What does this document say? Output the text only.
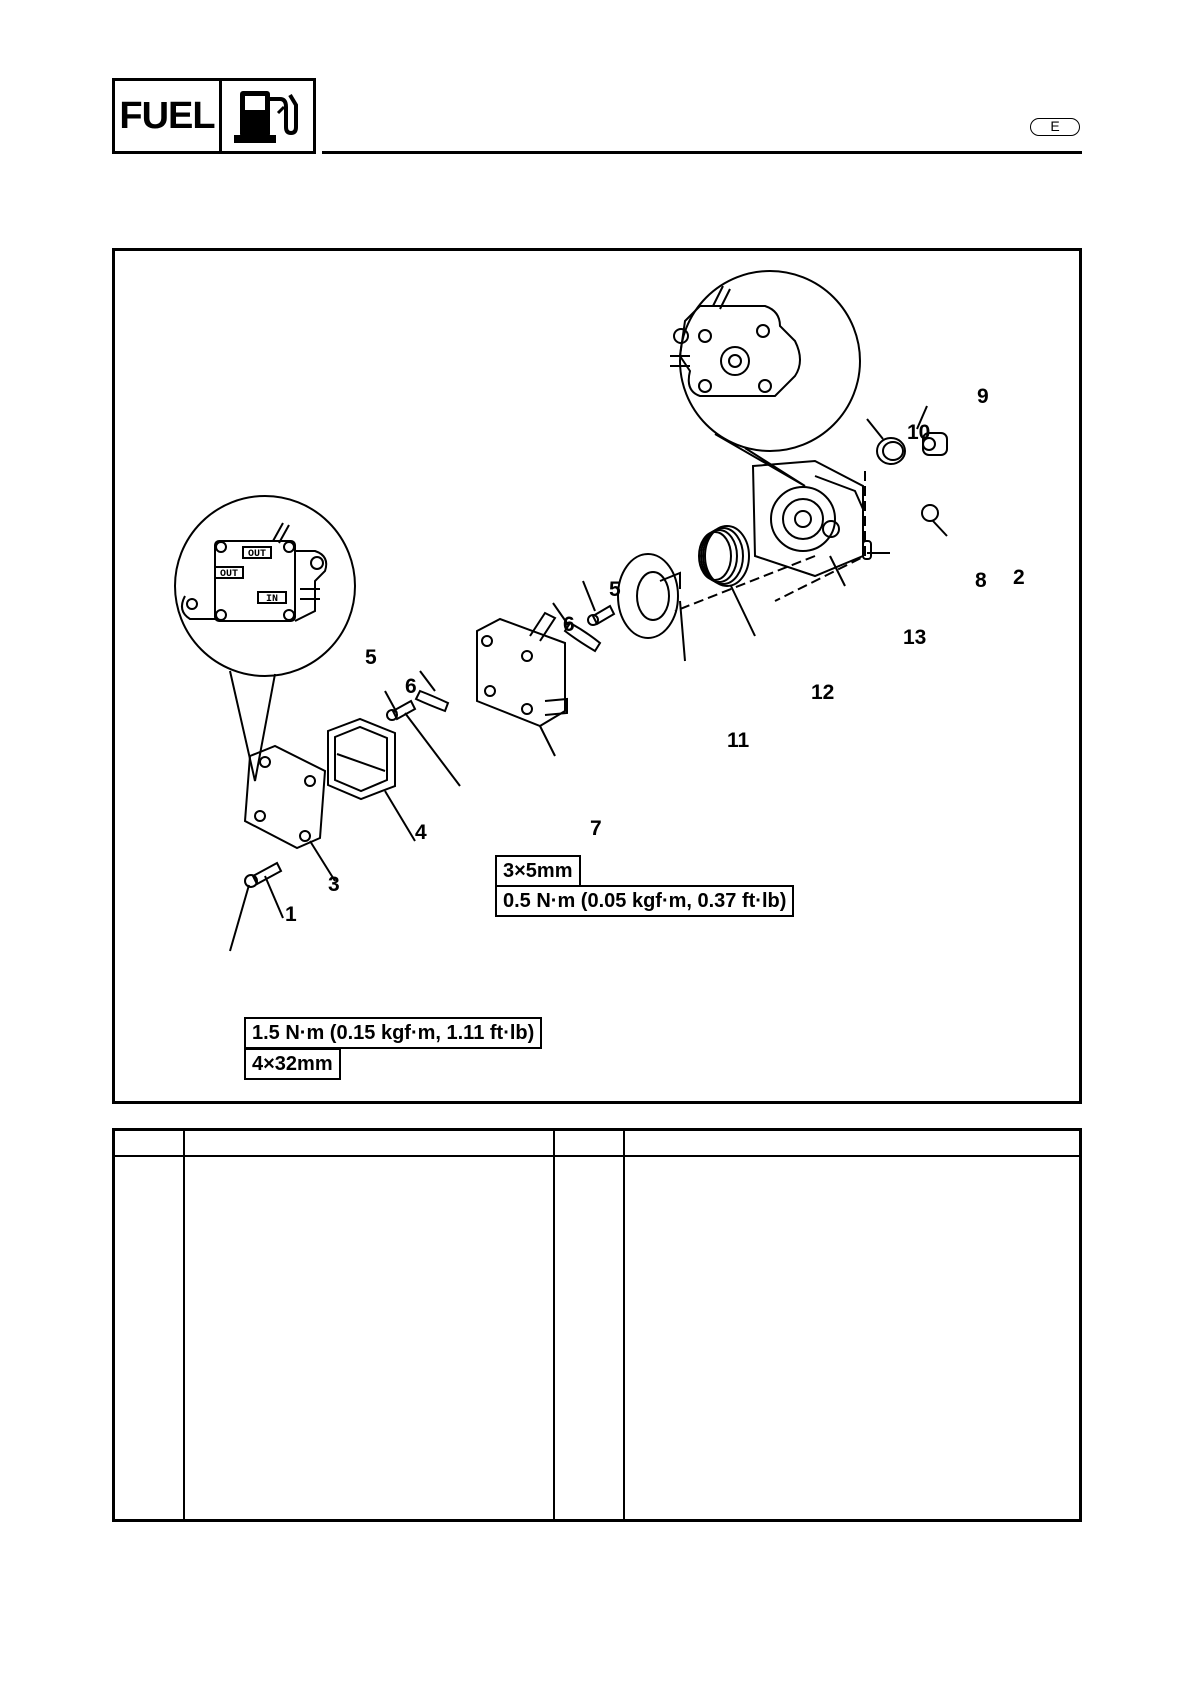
FUEL	E
OUT
OUT
IN
1
2
3
4
5
5
6
6
7
8
9
10
11
12
13
3×5mm
0.5 N·m (0.05 kgf·m, 0.37 ft·lb)
1.5 N·m (0.15 kgf·m, 1.11 ft·lb)
4×32mm
